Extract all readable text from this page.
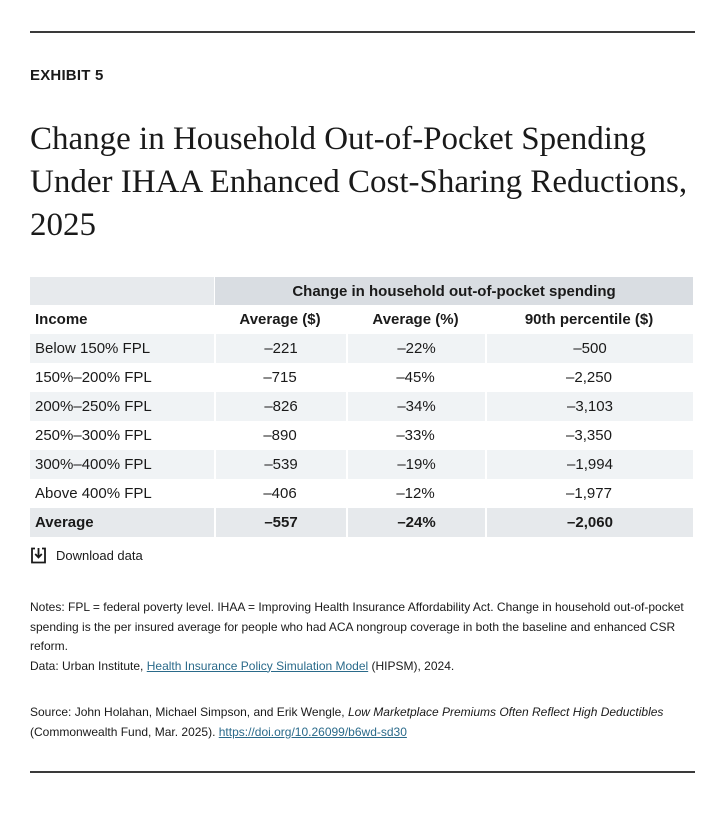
EXHIBIT 5
Change in Household Out-of-Pocket Spending Under IHAA Enhanced Cost-Sharing Reductions, 2025
	Change in household out-of-pocket spending		
Income	Average ($)	Average (%)	90th percentile ($)
Below 150% FPL	–221	–22%	–500
150%–200% FPL	–715	–45%	–2,250
200%–250% FPL	–826	–34%	–3,103
250%–300% FPL	–890	–33%	–3,350
300%–400% FPL	–539	–19%	–1,994
Above 400% FPL	–406	–12%	–1,977
Average	–557	–24%	–2,060
Download data

Notes: FPL = federal poverty level. IHAA = Improving Health Insurance Affordability Act. Change in household out-of-pocket spending is the per insured average for people who had ACA nongroup coverage in both the baseline and enhanced CSR reform.

Data: Urban Institute, Health Insurance Policy Simulation Model (HIPSM), 2024.

Source: John Holahan, Michael Simpson, and Erik Wengle, Low Marketplace Premiums Often Reflect High Deductibles (Commonwealth Fund, Mar. 2025). https://doi.org/10.26099/b6wd-sd30
